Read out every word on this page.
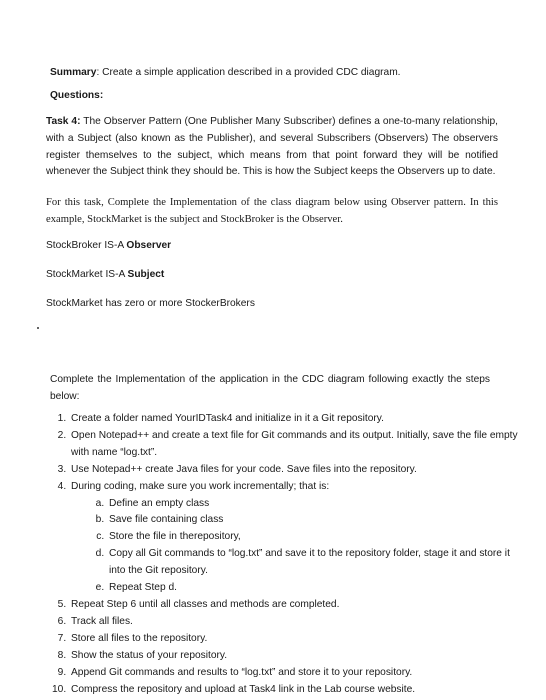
Summary: Create a simple application described in a provided CDC diagram.
Questions:
Task 4: The Observer Pattern (One Publisher Many Subscriber) defines a one-to-many relationship, with a Subject (also known as the Publisher), and several Subscribers (Observers) The observers register themselves to the subject, which means from that point forward they will be notified whenever the Subject think they should be. This is how the Subject keeps the Observers up to date.
For this task, Complete the Implementation of the class diagram below using Observer pattern. In this example, StockMarket is the subject and StockBroker is the Observer.
StockBroker IS-A Observer
StockMarket IS-A Subject
StockMarket has zero or more StockerBrokers
Complete the Implementation of the application in the CDC diagram following exactly the steps below:
1. Create a folder named YourIDTask4 and initialize in it a Git repository.
2. Open Notepad++ and create a text file for Git commands and its output. Initially, save the file empty with name “log.txt”.
3. Use Notepad++ create Java files for your code. Save files into the repository.
4. During coding, make sure you work incrementally; that is:
a. Define an empty class
b. Save file containing class
c. Store the file in therepository,
d. Copy all Git commands to “log.txt” and save it to the repository folder, stage it and store it into the Git repository.
e. Repeat Step d.
5. Repeat Step 6 until all classes and methods are completed.
6. Track all files.
7. Store all files to the repository.
8. Show the status of your repository.
9. Append Git commands and results to “log.txt” and store it to your repository.
10. Compress the repository and upload at Task4 link in the Lab course website.
